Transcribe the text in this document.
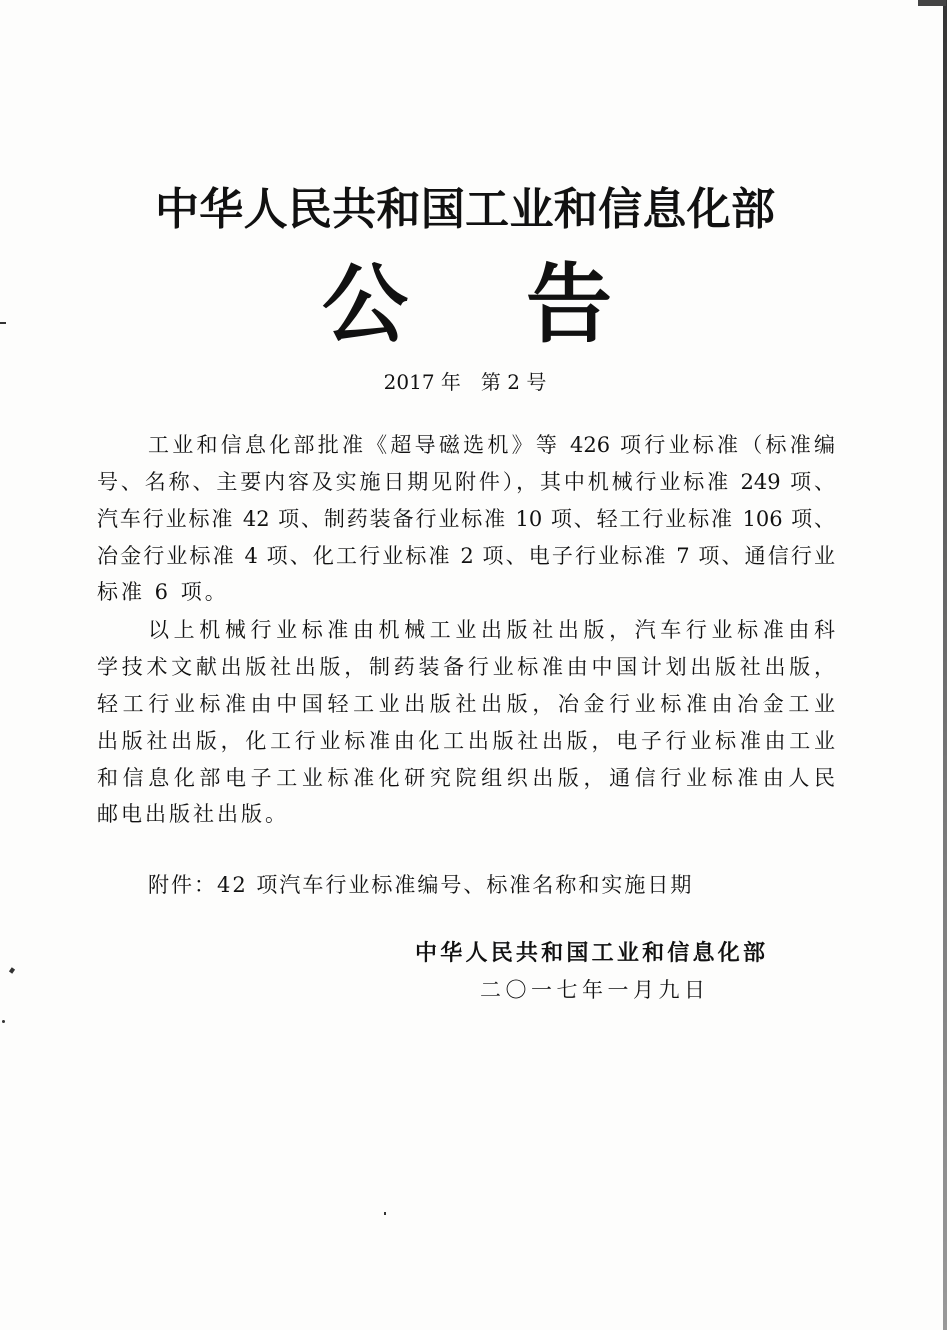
中华人民共和国工业和信息化部
公告
2017 年　第 2 号
工业和信息化部批准《超导磁选机》等 426 项行业标准（标准编
号、名称、主要内容及实施日期见附件），其中机械行业标准 249 项、
汽车行业标准 42 项、制药装备行业标准 10 项、轻工行业标准 106 项、
冶金行业标准 4 项、化工行业标准 2 项、电子行业标准 7 项、通信行业
标准 6 项。
以上机械行业标准由机械工业出版社出版，汽车行业标准由科
学技术文献出版社出版，制药装备行业标准由中国计划出版社出版，
轻工行业标准由中国轻工业出版社出版，冶金行业标准由冶金工业
出版社出版，化工行业标准由化工出版社出版，电子行业标准由工业
和信息化部电子工业标准化研究院组织出版，通信行业标准由人民
邮电出版社出版。
附件：42 项汽车行业标准编号、标准名称和实施日期
中华人民共和国工业和信息化部
二〇一七年一月九日
